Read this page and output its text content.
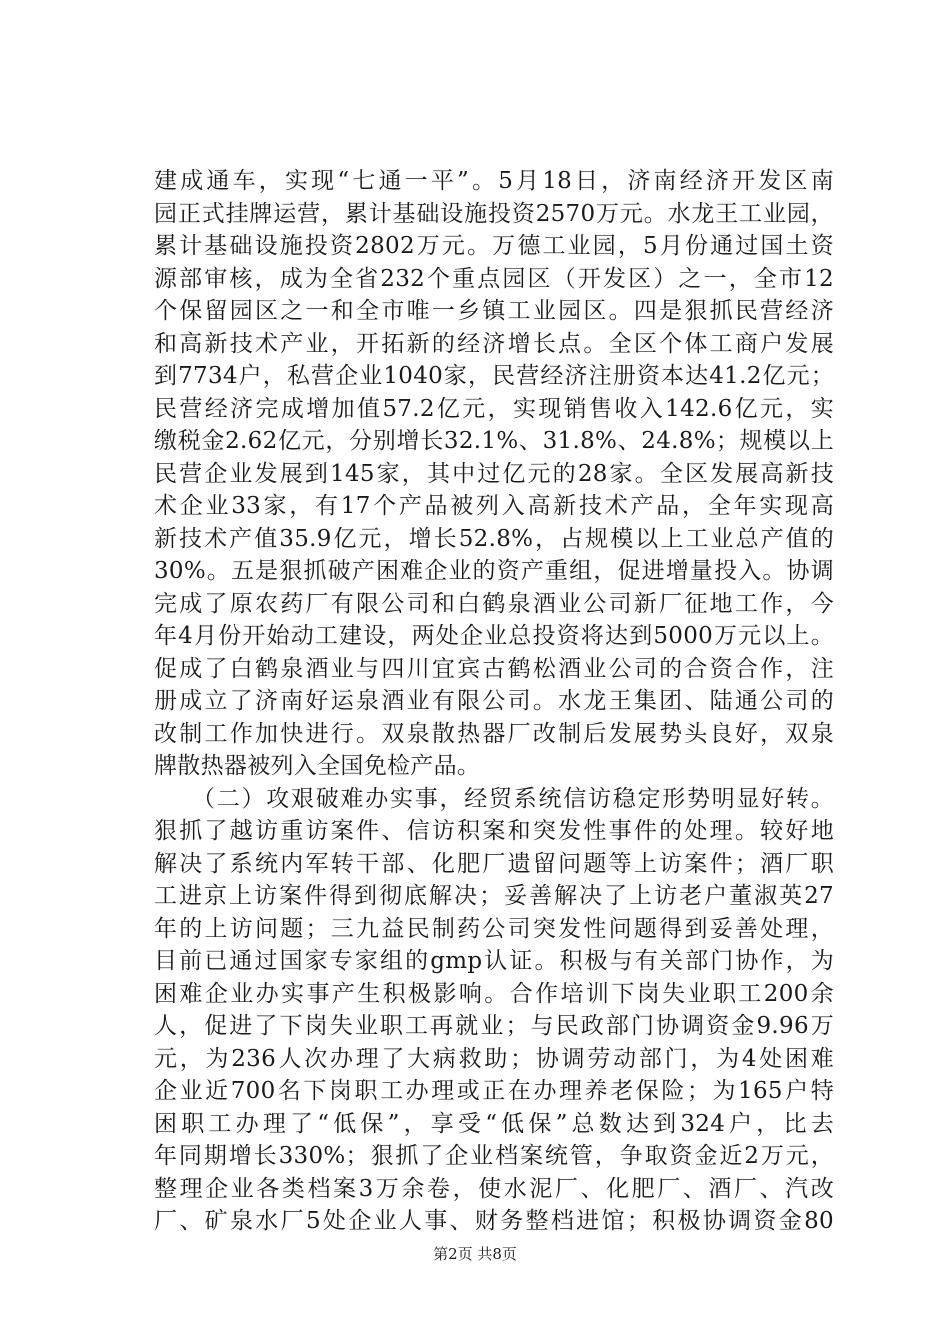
建成通车，实现“七通一平”。5月18日，济南经济开发区南
园正式挂牌运营，累计基础设施投资2570万元。水龙王工业园，
累计基础设施投资2802万元。万德工业园，5月份通过国土资
源部审核，成为全省232个重点园区（开发区）之一，全市12
个保留园区之一和全市唯一乡镇工业园区。四是狠抓民营经济
和高新技术产业，开拓新的经济增长点。全区个体工商户发展
到7734户，私营企业1040家，民营经济注册资本达41.2亿元；
民营经济完成增加值57.2亿元，实现销售收入142.6亿元，实
缴税金2.62亿元，分别增长32.1%、31.8%、24.8%；规模以上
民营企业发展到145家，其中过亿元的28家。全区发展高新技
术企业33家，有17个产品被列入高新技术产品，全年实现高
新技术产值35.9亿元，增长52.8%，占规模以上工业总产值的
30%。五是狠抓破产困难企业的资产重组，促进增量投入。协调
完成了原农药厂有限公司和白鹤泉酒业公司新厂征地工作，今
年4月份开始动工建设，两处企业总投资将达到5000万元以上。
促成了白鹤泉酒业与四川宜宾古鹤松酒业公司的合资合作，注
册成立了济南好运泉酒业有限公司。水龙王集团、陆通公司的
改制工作加快进行。双泉散热器厂改制后发展势头良好，双泉
牌散热器被列入全国免检产品。
　　（二）攻艰破难办实事，经贸系统信访稳定形势明显好转。
狠抓了越访重访案件、信访积案和突发性事件的处理。较好地
解决了系统内军转干部、化肥厂遗留问题等上访案件；酒厂职
工进京上访案件得到彻底解决；妥善解决了上访老户董淑英27
年的上访问题；三九益民制药公司突发性问题得到妥善处理，
目前已通过国家专家组的gmp认证。积极与有关部门协作，为
困难企业办实事产生积极影响。合作培训下岗失业职工200余
人，促进了下岗失业职工再就业；与民政部门协调资金9.96万
元，为236人次办理了大病救助；协调劳动部门，为4处困难
企业近700名下岗职工办理或正在办理养老保险；为165户特
困职工办理了“低保”，享受“低保”总数达到324户，比去
年同期增长330%；狠抓了企业档案统管，争取资金近2万元，
整理企业各类档案3万余卷，使水泥厂、化肥厂、酒厂、汽改
厂、矿泉水厂5处企业人事、财务整档进馆；积极协调资金80
第2页 共8页
